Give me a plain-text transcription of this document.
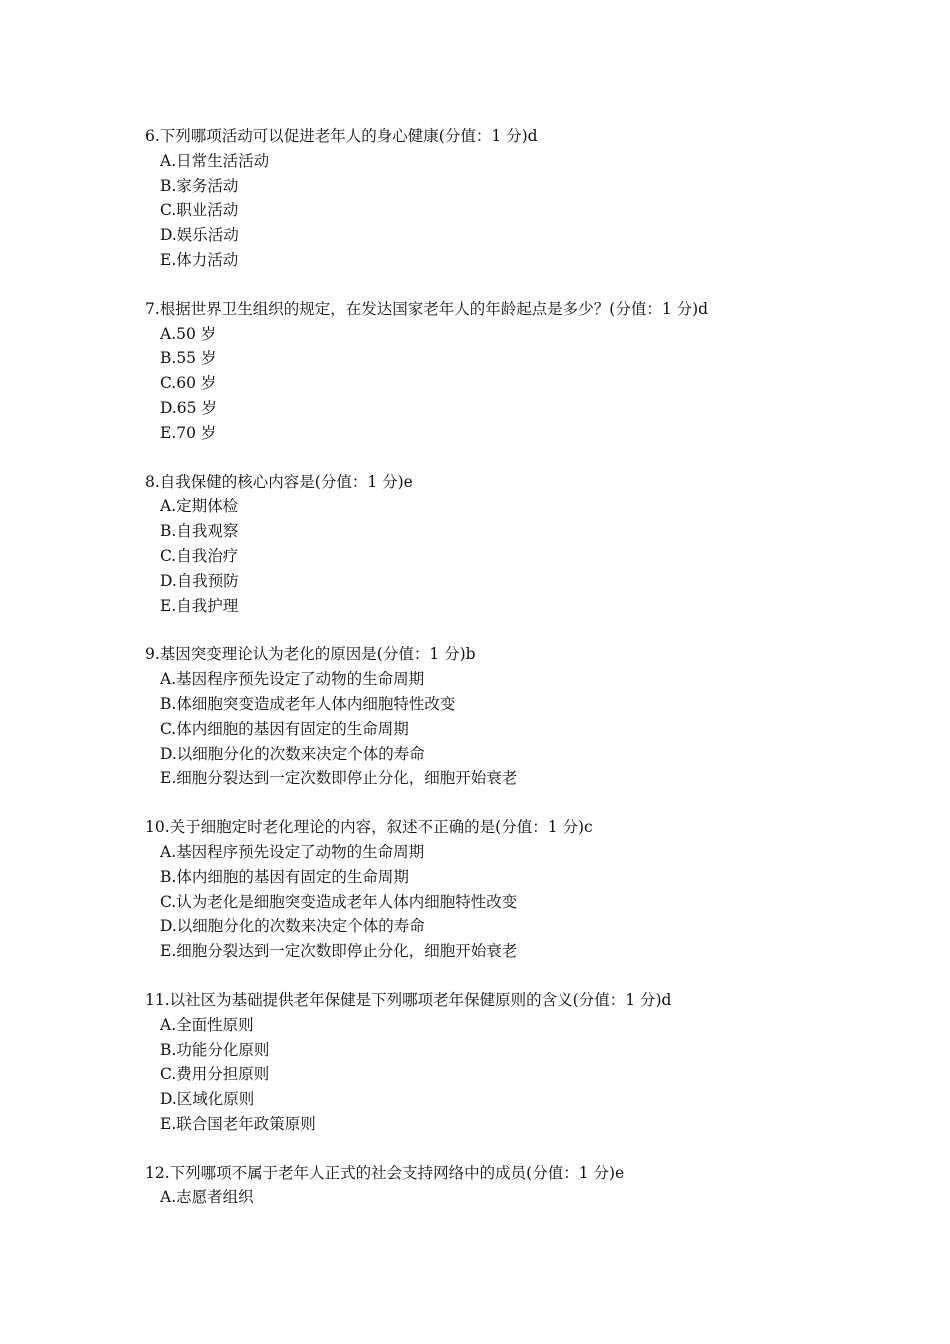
6.下列哪项活动可以促进老年人的身心健康(分值：1 分)d
A.日常生活活动
B.家务活动
C.职业活动
D.娱乐活动
E.体力活动
7.根据世界卫生组织的规定，在发达国家老年人的年龄起点是多少？(分值：1 分)d
A.50 岁
B.55 岁
C.60 岁
D.65 岁
E.70 岁
8.自我保健的核心内容是(分值：1 分)e
A.定期体检
B.自我观察
C.自我治疗
D.自我预防
E.自我护理
9.基因突变理论认为老化的原因是(分值：1 分)b
A.基因程序预先设定了动物的生命周期
B.体细胞突变造成老年人体内细胞特性改变
C.体内细胞的基因有固定的生命周期
D.以细胞分化的次数来决定个体的寿命
E.细胞分裂达到一定次数即停止分化，细胞开始衰老
10.关于细胞定时老化理论的内容，叙述不正确的是(分值：1 分)c
A.基因程序预先设定了动物的生命周期
B.体内细胞的基因有固定的生命周期
C.认为老化是细胞突变造成老年人体内细胞特性改变
D.以细胞分化的次数来决定个体的寿命
E.细胞分裂达到一定次数即停止分化，细胞开始衰老
11.以社区为基础提供老年保健是下列哪项老年保健原则的含义(分值：1 分)d
A.全面性原则
B.功能分化原则
C.费用分担原则
D.区域化原则
E.联合国老年政策原则
12.下列哪项不属于老年人正式的社会支持网络中的成员(分值：1 分)e
A.志愿者组织
